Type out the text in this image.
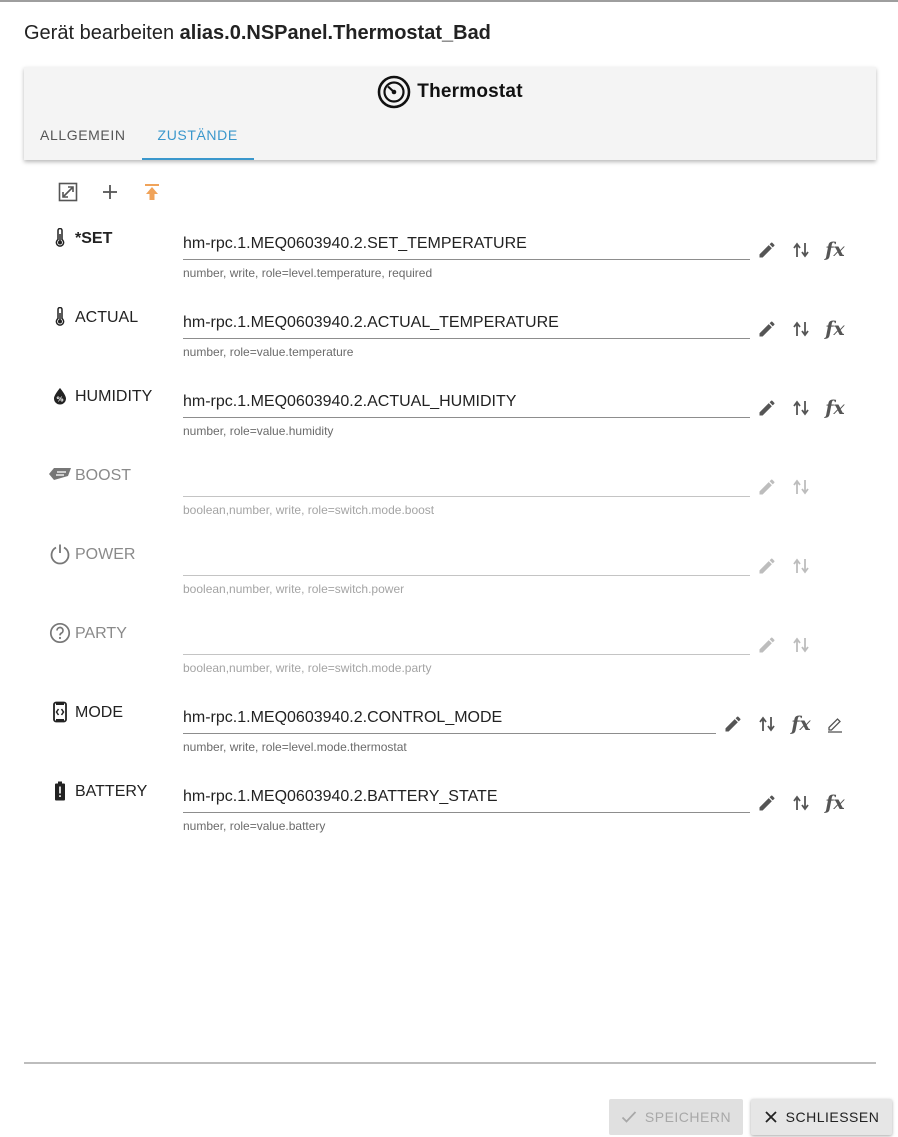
Gerät bearbeiten alias.0.NSPanel.Thermostat_Bad
Thermostat
ALLGEMEIN	ZUSTÄNDE
*SET	hm-rpc.1.MEQ0603940.2.SET_TEMPERATURE
number, write, role=level.temperature, required
fx
ACTUAL	hm-rpc.1.MEQ0603940.2.ACTUAL_TEMPERATURE
number, role=value.temperature
fx
% HUMIDITY hm-rpc.1.MEQ0603940.2.ACTUAL_HUMIDITY
number, role=value.humidity
fx
BOOST
boolean,number, write, role=switch.mode.boost
POWER
boolean,number, write, role=switch.power
PARTY
boolean,number, write, role=switch.mode.party
MODE	hm-rpc.1.MEQ0603940.2.CONTROL_MODE
number, write, role=level.mode.thermostat
fx
BATTERY hm-rpc.1.MEQ0603940.2.BATTERY_STATE
number, role=value.battery
fx
SPEICHERN	SCHLIESSEN
